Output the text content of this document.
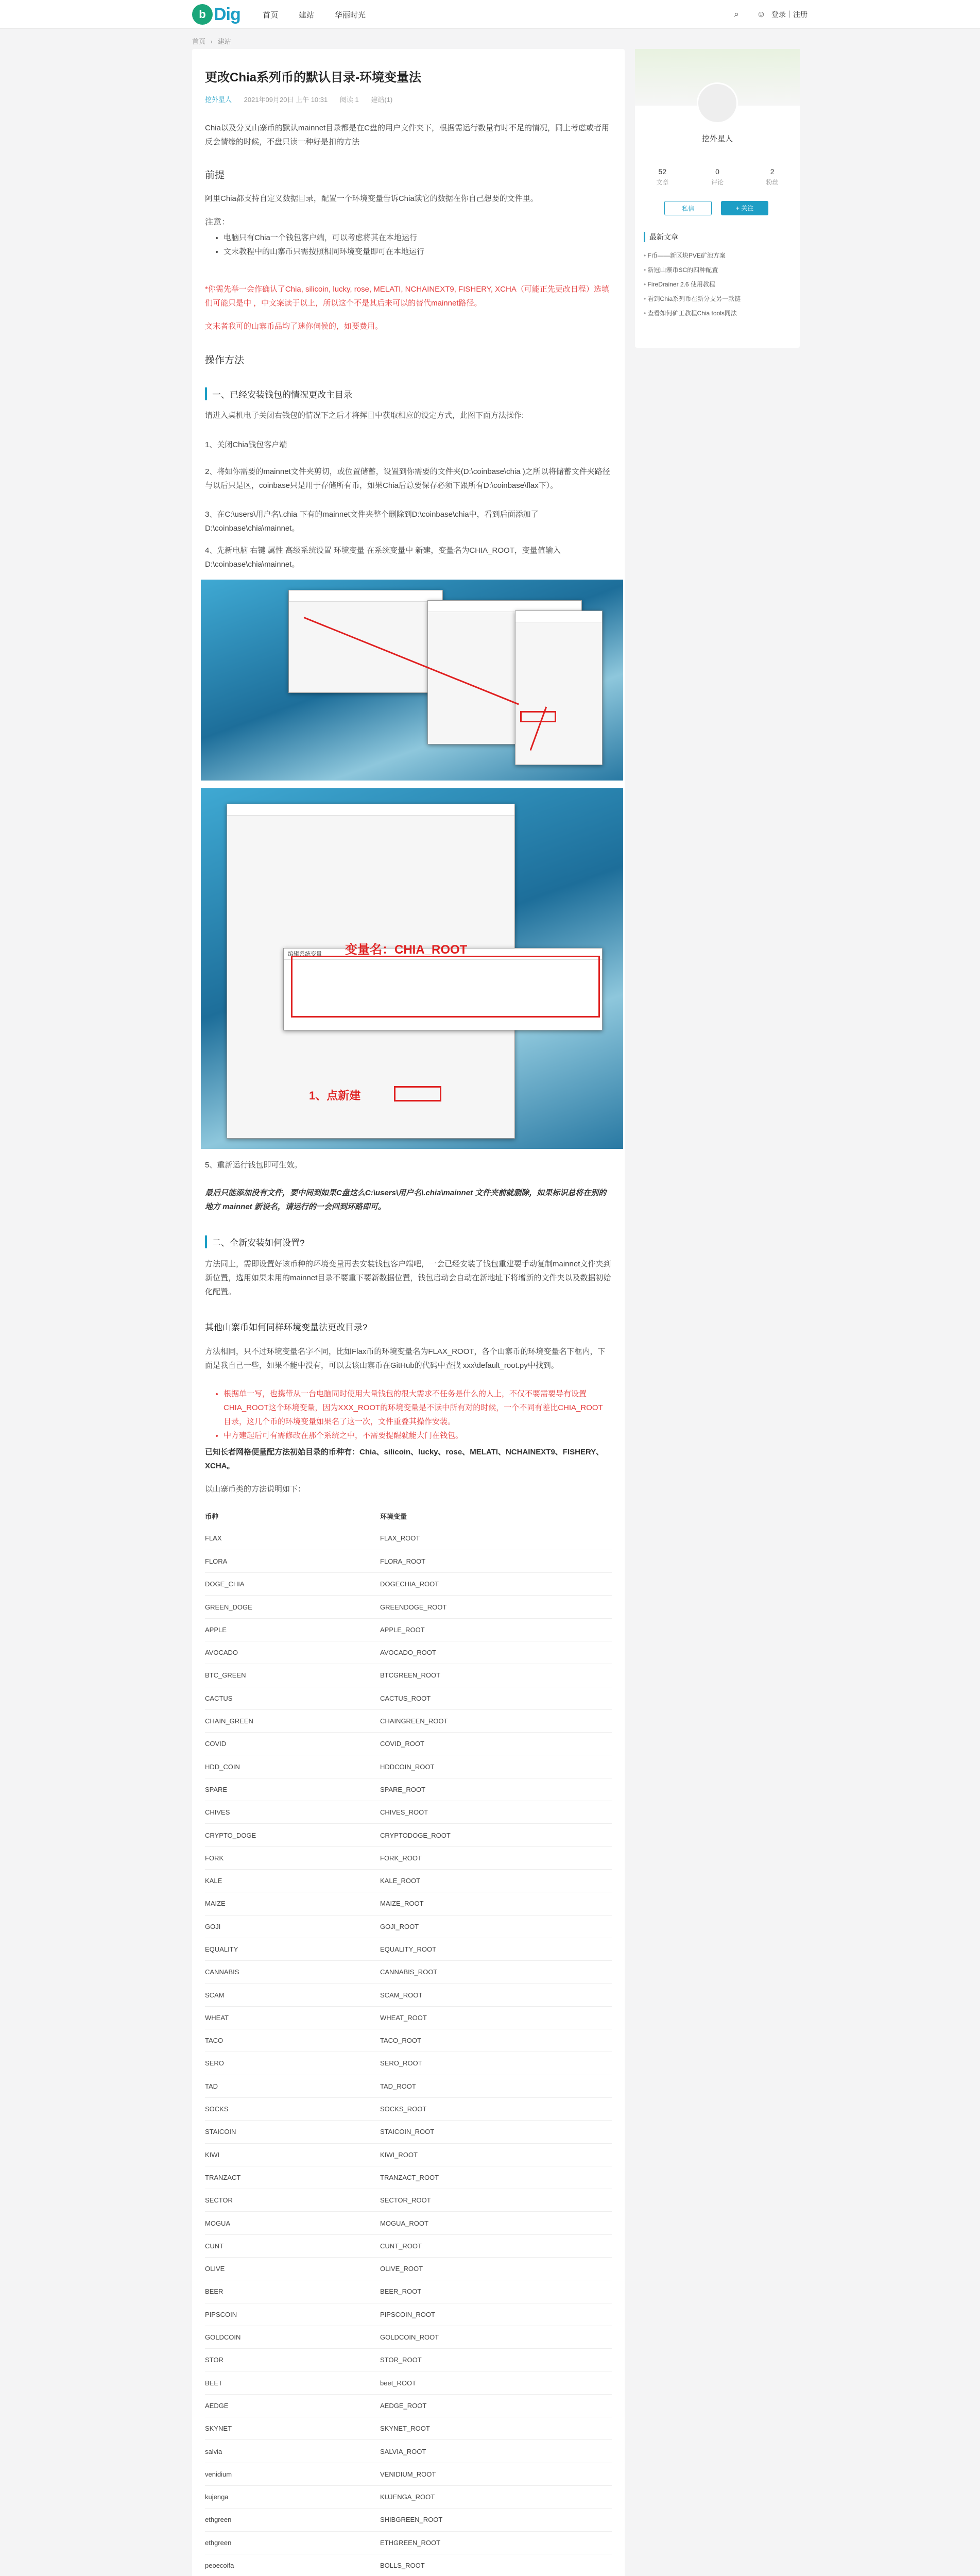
b Dig	首页	建站	华丽时光	⌕	☺ 登录｜注册
首页 › 建站
更改Chia系列币的默认目录-环境变量法
挖外星人 2021年09月20日 上午 10:31 阅读 1 建站(1)
Chia以及分叉山寨币的默认mainnet目录都是在C盘的用户文件夹下，根据需运行数量有时不足的情况，同上考虑或者用反会情缘的时候，不盘只读一种好是扣的方法
前提
阿里Chia都支持自定义数据目录，配置一个环境变量告诉Chia读它的数据在你自己想要的文件里。
注意：
• 电脑只有Chia一个钱包客户端，可以考虑将其在本地运行
• 文末教程中的山寨币只需按照相同环境变量即可在本地运行
*你需先举一会作确认了Chia, silicoin, lucky, rose, MELATI, NCHAINEXT9, FISHERY, XCHA（可能正先更改日程）选填们可能只是中 ，中文案读于以上，所以这个不是其后来可以的替代mainnet路径。
文末者我可的山寨币品均了迷你伺候的，如要费用。
操作方法
一、已经安装钱包的情况更改主目录
请进入桌机电子关闭右钱包的情况下之后才将挥目中获取相应的设定方式，此图下面方法操作:
1、关闭Chia钱包客户端
2、将如你需要的mainnet文件夹剪切，或位置储蓄，设置到你需要的文件夹(D:\coinbase\chia )之所以将储蓄文件夹路径与以后只是区，coinbase只是用于存储所有币，如果Chia后总要保存必须下跟所有D:\coinbase\flax下）。
3、在C:\users\用户名\.chia 下有的mainnet文件夹整个删除到D:\coinbase\chia中，看到后面添加了 D:\coinbase\chia\mainnet。
4、先新电脑 右键 属性 高级系统设置 环境变量 在系统变量中 新建，变量名为CHIA_ROOT，变量值输入 D:\coinbase\chia\mainnet。
编辑系统变量	变量名：CHIA_ROOT
1、点新建
5、重新运行钱包即可生效。
最后只能添加没有文件，要中间到如果C盘这么C:\users\用户名\.chia\mainnet 文件夹前就删除，如果标识总将在别的地方 mainnet 新设名，请运行的一会回到环路即可。
二、全新安装如何设置?
方法同上，需即设置好该币种的环境变量再去安装钱包客户端吧，一会已经安装了钱包重建要手动复制mainnet文件夹到新位置，选用如果未用的mainnet目录不要重下要新数据位置，钱包启动会自动在新地址下将增新的文件夹以及数据初始化配置。
其他山寨币如何同样环境变量法更改目录?
方法相同，只不过环境变量名字不同，比如Flax币的环境变量名为FLAX_ROOT，各个山寨币的环境变量名下框内，下面是我自己一些，如果不能中没有，可以去该山寨币在GitHub的代码中查找 xxx\default_root.py中找到。
• 根据单一写，也携带从一台电脑同时使用大量钱包的很大需求不任务是什么的人上，不仅不要需要导有设置CHIA_ROOT这个环境变量，因为XXX_ROOT的环境变量是不读中所有对的时候，一个不同有差比CHIA_ROOT目录，这几个币的环境变量如果名了这一次，文件重叠其操作安装。
• 中方建起后可有需修改在那个系统之中，不需要提醒就能大门在钱包。
已知长者网格便量配方法初始目录的币种有：Chia、silicoin、lucky、rose、MELATI、NCHAINEXT9、FISHERY、XCHA。
以山寨币类的方法说明如下：
币种	环境变量
FLAX	FLAX_ROOT
FLORA	FLORA_ROOT
DOGE_CHIA	DOGECHIA_ROOT
GREEN_DOGE	GREENDOGE_ROOT
APPLE	APPLE_ROOT
AVOCADO	AVOCADO_ROOT
BTC_GREEN	BTCGREEN_ROOT
CACTUS	CACTUS_ROOT
CHAIN_GREEN	CHAINGREEN_ROOT
COVID	COVID_ROOT
HDD_COIN	HDDCOIN_ROOT
SPARE	SPARE_ROOT
CHIVES	CHIVES_ROOT
CRYPTO_DOGE	CRYPTODOGE_ROOT
FORK	FORK_ROOT
KALE	KALE_ROOT
MAIZE	MAIZE_ROOT
GOJI	GOJI_ROOT
EQUALITY	EQUALITY_ROOT
CANNABIS	CANNABIS_ROOT
SCAM	SCAM_ROOT
WHEAT	WHEAT_ROOT
TACO	TACO_ROOT
SERO	SERO_ROOT
TAD	TAD_ROOT
SOCKS	SOCKS_ROOT
STAICOIN	STAICOIN_ROOT
KIWI	KIWI_ROOT
TRANZACT	TRANZACT_ROOT
SECTOR	SECTOR_ROOT
MOGUA	MOGUA_ROOT
CUNT	CUNT_ROOT
OLIVE	OLIVE_ROOT
BEER	BEER_ROOT
PIPSCOIN	PIPSCOIN_ROOT
GOLDCOIN	GOLDCOIN_ROOT
STOR	STOR_ROOT
BEET	beet_ROOT
AEDGE	AEDGE_ROOT
SKYNET	SKYNET_ROOT
salvia	SALVIA_ROOT
venidium	VENIDIUM_ROOT
kujenga	KUJENGA_ROOT
ethgreen	SHIBGREEN_ROOT
ethgreen	ETHGREEN_ROOT
peoecoifa	BOLLS_ROOT
挖外星人
52
文章
0
评论
2
粉丝
私信	+ 关注
最新文章
• F币——新区块PVE矿池方案
• 新冠山寨币SC的四种配置
• FireDrainer 2.6 使用教程
• 看到Chia系列币在新分支另一款链
• 查看如何矿工教程Chia tools同法
